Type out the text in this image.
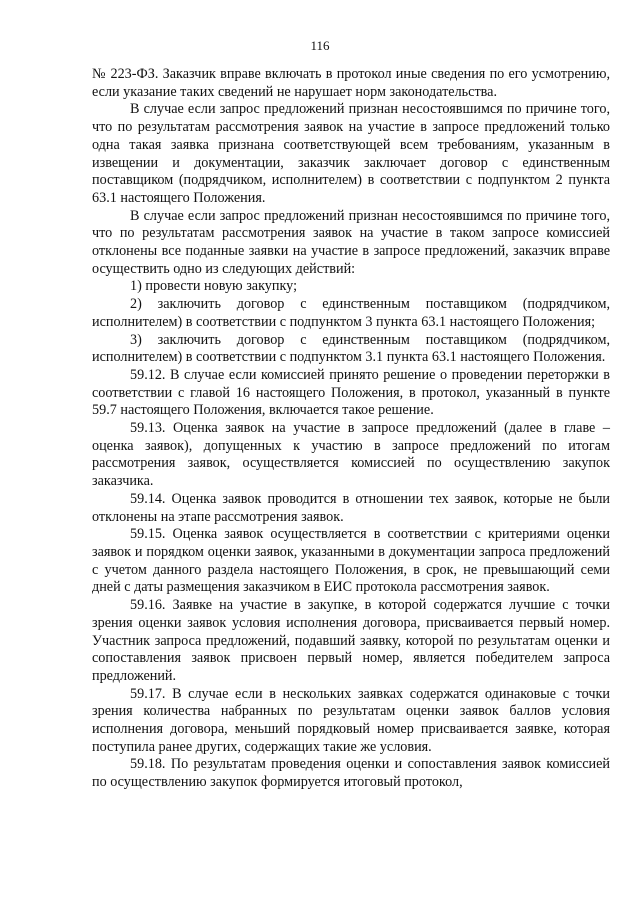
116

№ 223-ФЗ. Заказчик вправе включать в протокол иные сведения по его усмотрению, если указание таких сведений не нарушает норм законодательства.

В случае если запрос предложений признан несостоявшимся по причине того, что по результатам рассмотрения заявок на участие в запросе предложений только одна такая заявка признана соответствующей всем требованиям, указанным в извещении и документации, заказчик заключает договор с единственным поставщиком (подрядчиком, исполнителем) в соответствии с подпунктом 2 пункта 63.1 настоящего Положения.

В случае если запрос предложений признан несостоявшимся по причине того, что по результатам рассмотрения заявок на участие в таком запросе комиссией отклонены все поданные заявки на участие в запросе предложений, заказчик вправе осуществить одно из следующих действий:

1) провести новую закупку;

2) заключить договор с единственным поставщиком (подрядчиком, исполнителем) в соответствии с подпунктом 3 пункта 63.1 настоящего Положения;

3) заключить договор с единственным поставщиком (подрядчиком, исполнителем) в соответствии с подпунктом 3.1 пункта 63.1 настоящего Положения.

59.12. В случае если комиссией принято решение о проведении переторжки в соответствии с главой 16 настоящего Положения, в протокол, указанный в пункте 59.7 настоящего Положения, включается такое решение.

59.13. Оценка заявок на участие в запросе предложений (далее в главе – оценка заявок), допущенных к участию в запросе предложений по итогам рассмотрения заявок, осуществляется комиссией по осуществлению закупок заказчика.

59.14. Оценка заявок проводится в отношении тех заявок, которые не были отклонены на этапе рассмотрения заявок.

59.15. Оценка заявок осуществляется в соответствии с критериями оценки заявок и порядком оценки заявок, указанными в документации запроса предложений с учетом данного раздела настоящего Положения, в срок, не превышающий семи дней с даты размещения заказчиком в ЕИС протокола рассмотрения заявок.

59.16. Заявке на участие в закупке, в которой содержатся лучшие с точки зрения оценки заявок условия исполнения договора, присваивается первый номер. Участник запроса предложений, подавший заявку, которой по результатам оценки и сопоставления заявок присвоен первый номер, является победителем запроса предложений.

59.17. В случае если в нескольких заявках содержатся одинаковые с точки зрения количества набранных по результатам оценки заявок баллов условия исполнения договора, меньший порядковый номер присваивается заявке, которая поступила ранее других, содержащих такие же условия.

59.18. По результатам проведения оценки и сопоставления заявок комиссией по осуществлению закупок формируется итоговый протокол,
